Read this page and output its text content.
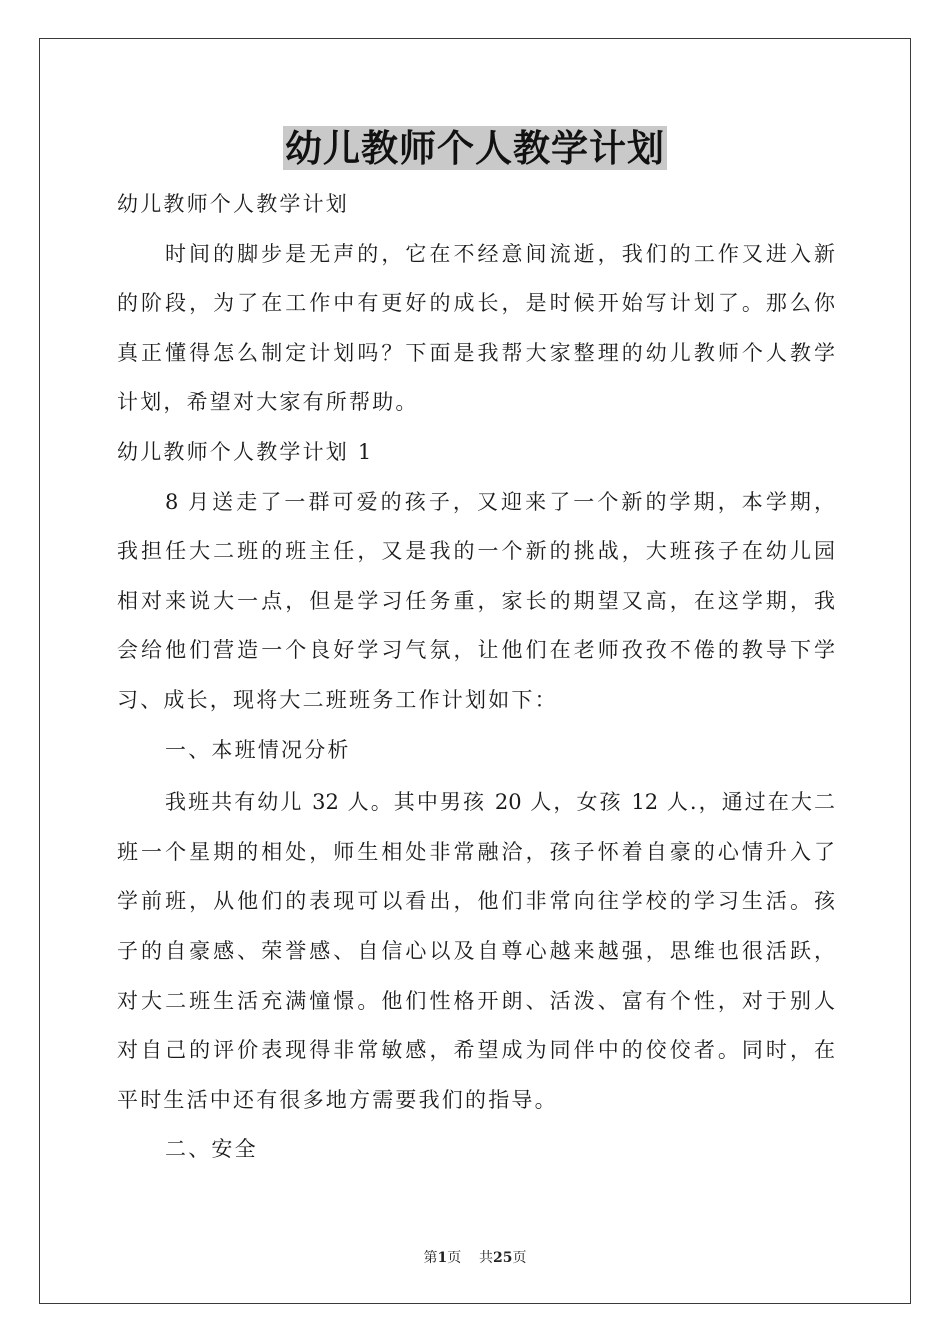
幼儿教师个人教学计划
幼儿教师个人教学计划
时间的脚步是无声的，它在不经意间流逝，我们的工作又进入新
的阶段，为了在工作中有更好的成长，是时候开始写计划了。那么你
真正懂得怎么制定计划吗？下面是我帮大家整理的幼儿教师个人教学
计划，希望对大家有所帮助。
幼儿教师个人教学计划 1
8 月送走了一群可爱的孩子，又迎来了一个新的学期，本学期，
我担任大二班的班主任，又是我的一个新的挑战，大班孩子在幼儿园
相对来说大一点，但是学习任务重，家长的期望又高，在这学期，我
会给他们营造一个良好学习气氛，让他们在老师孜孜不倦的教导下学
习、成长，现将大二班班务工作计划如下：
一、本班情况分析
我班共有幼儿 32 人。其中男孩 20 人，女孩 12 人.，通过在大二
班一个星期的相处，师生相处非常融洽，孩子怀着自豪的心情升入了
学前班，从他们的表现可以看出，他们非常向往学校的学习生活。孩
子的自豪感、荣誉感、自信心以及自尊心越来越强，思维也很活跃，
对大二班生活充满憧憬。他们性格开朗、活泼、富有个性，对于别人
对自己的评价表现得非常敏感，希望成为同伴中的佼佼者。同时，在
平时生活中还有很多地方需要我们的指导。
二、安全
第1页 共25页
